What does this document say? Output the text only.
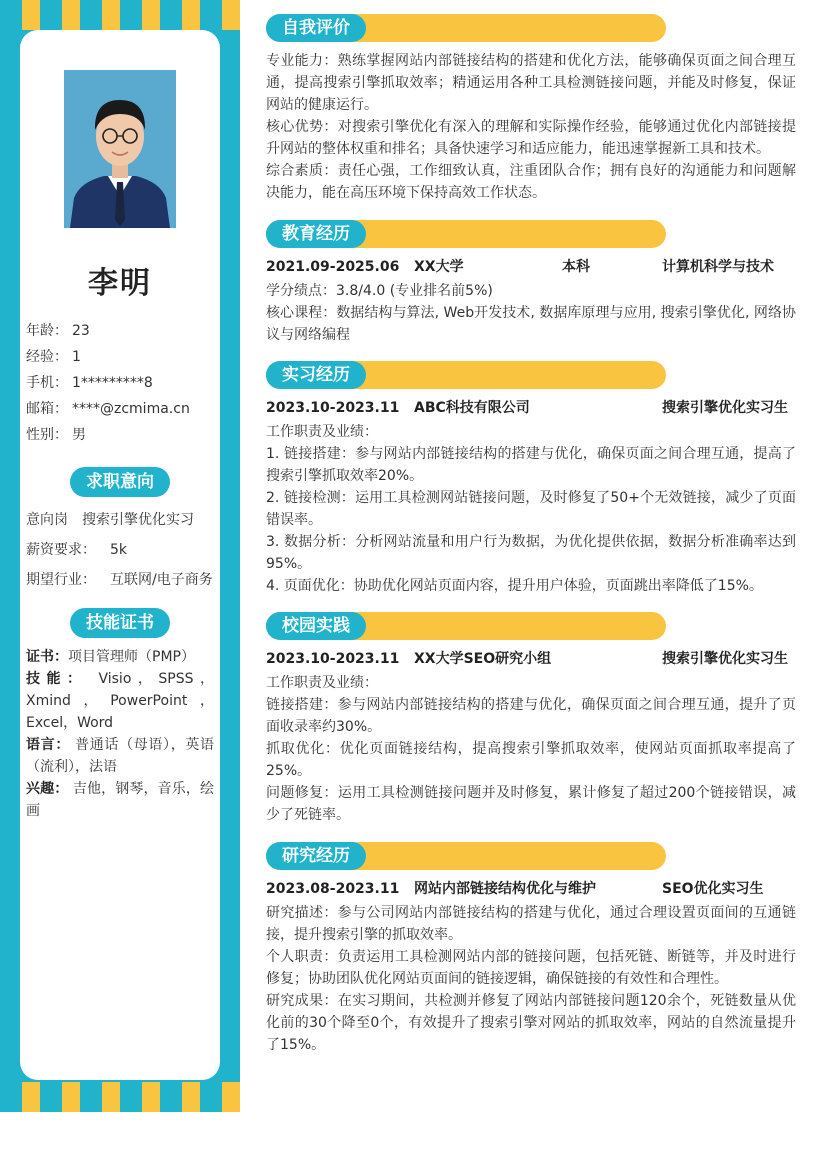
李明
年龄： 23
经验： 1
手机： 1*********8
邮箱： ****@zcmima.cn
性别： 男
求职意向
意向岗 搜索引擎优化实习
薪资要求： 5k
期望行业： 互联网/电子商务
技能证书

证书：项目管理师（PMP）

技能： Visio，SPSS，Xmind，PowerPoint，Excel，Word

语言： 普通话（母语），英语（流利），法语

兴趣： 吉他，钢琴，音乐，绘画

自我评价

专业能力：熟练掌握网站内部链接结构的搭建和优化方法，能够确保页面之间合理互通，提高搜索引擎抓取效率；精通运用各种工具检测链接问题，并能及时修复，保证网站的健康运行。

核心优势：对搜索引擎优化有深入的理解和实际操作经验，能够通过优化内部链接提升网站的整体权重和排名；具备快速学习和适应能力，能迅速掌握新工具和技术。

综合素质：责任心强，工作细致认真，注重团队合作；拥有良好的沟通能力和问题解决能力，能在高压环境下保持高效工作状态。

教育经历
2021.09-2025.06	XX大学	本科	计算机科学与技术

学分绩点：3.8/4.0 (专业排名前5%)

核心课程：数据结构与算法, Web开发技术, 数据库原理与应用, 搜索引擎优化, 网络协议与网络编程

实习经历
2023.10-2023.11	ABC科技有限公司	搜索引擎优化实习生

工作职责及业绩：

1. 链接搭建：参与网站内部链接结构的搭建与优化，确保页面之间合理互通，提高了搜索引擎抓取效率20%。

2. 链接检测：运用工具检测网站链接问题，及时修复了50+个无效链接，减少了页面错误率。

3. 数据分析：分析网站流量和用户行为数据，为优化提供依据，数据分析准确率达到95%。

4. 页面优化：协助优化网站页面内容，提升用户体验，页面跳出率降低了15%。

校园实践
2023.10-2023.11	XX大学SEO研究小组	搜索引擎优化实习生

工作职责及业绩：

链接搭建：参与网站内部链接结构的搭建与优化，确保页面之间合理互通，提升了页面收录率约30%。

抓取优化：优化页面链接结构，提高搜索引擎抓取效率，使网站页面抓取率提高了25%。

问题修复：运用工具检测链接问题并及时修复，累计修复了超过200个链接错误，减少了死链率。

研究经历
2023.08-2023.11	网站内部链接结构优化与维护	SEO优化实习生

研究描述：参与公司网站内部链接结构的搭建与优化，通过合理设置页面间的互通链接，提升搜索引擎的抓取效率。

个人职责：负责运用工具检测网站内部的链接问题，包括死链、断链等，并及时进行修复；协助团队优化网站页面间的链接逻辑，确保链接的有效性和合理性。

研究成果：在实习期间，共检测并修复了网站内部链接问题120余个，死链数量从优化前的30个降至0个，有效提升了搜索引擎对网站的抓取效率，网站的自然流量提升了15%。
